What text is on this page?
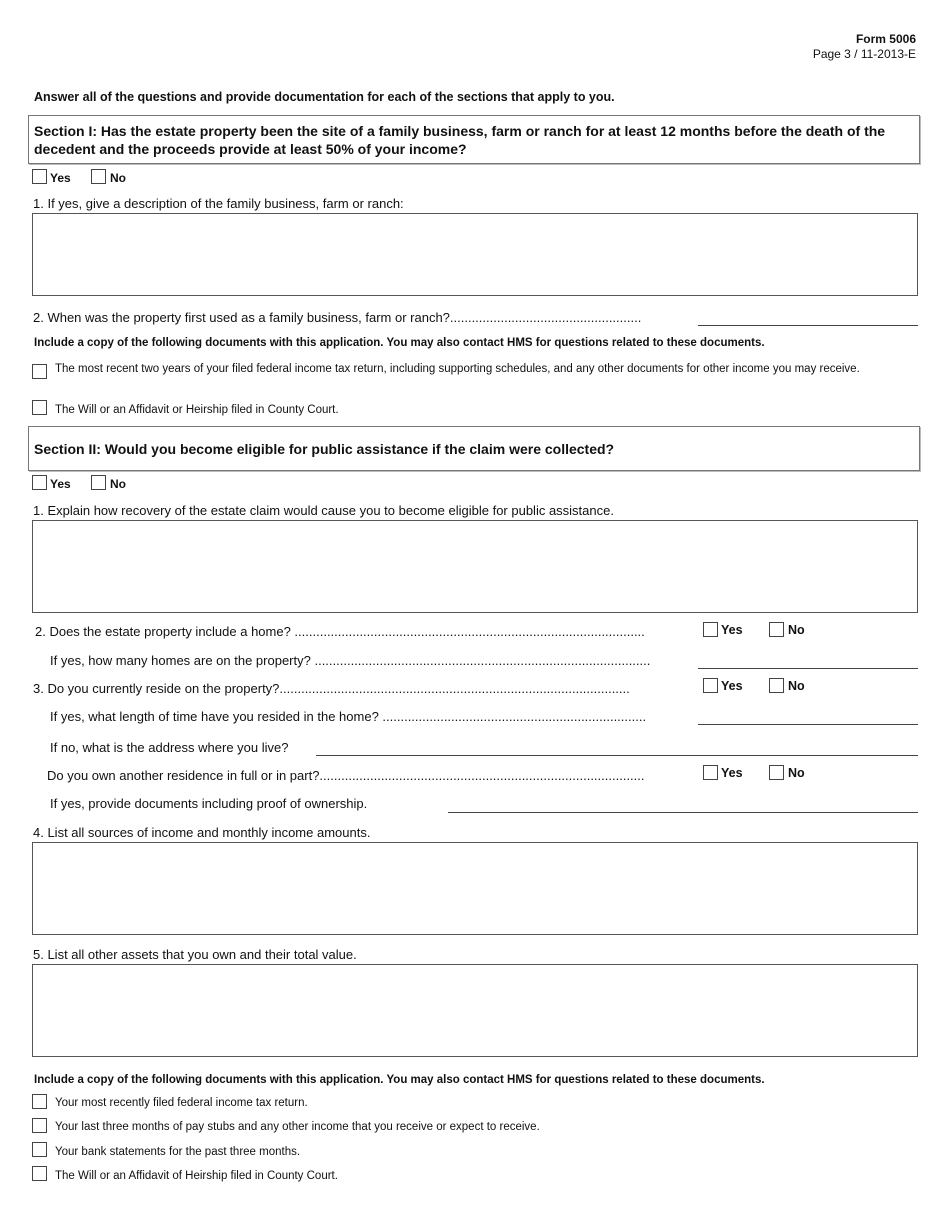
Form 5006
Page 3 / 11-2013-E
Answer all of the questions and provide documentation for each of the sections that apply to you.
Section I: Has the estate property been the site of a family business, farm or ranch for at least 12 months before the death of the decedent and the proceeds provide at least 50% of your income?
Yes	No
1. If yes, give a description of the family business, farm or ranch:
2. When was the property first used as a family business, farm or ranch?.....................................................
Include a copy of the following documents with this application. You may also contact HMS for questions related to these documents.
The most recent two years of your filed federal income tax return, including supporting schedules, and any other documents for other income you may receive.
The Will or an Affidavit or Heirship filed in County Court.
Section II: Would you become eligible for public assistance if the claim were collected?
Yes	No
1. Explain how recovery of the estate claim would cause you to become eligible for public assistance.
2. Does the estate property include a home? .................................................................................................	Yes	No
If yes, how many homes are on the property? .............................................................................................
3. Do you currently reside on the property?.................................................................................................	Yes	No
If yes, what length of time have you resided in the home? .........................................................................
If no, what is the address where you live?
Do you own another residence in full or in part?..........................................................................................	Yes	No
If yes, provide documents including proof of ownership.
4. List all sources of income and monthly income amounts.
5. List all other assets that you own and their total value.
Include a copy of the following documents with this application. You may also contact HMS for questions related to these documents.
Your most recently filed federal income tax return.
Your last three months of pay stubs and any other income that you receive or expect to receive.
Your bank statements for the past three months.
The Will or an Affidavit of Heirship filed in County Court.
